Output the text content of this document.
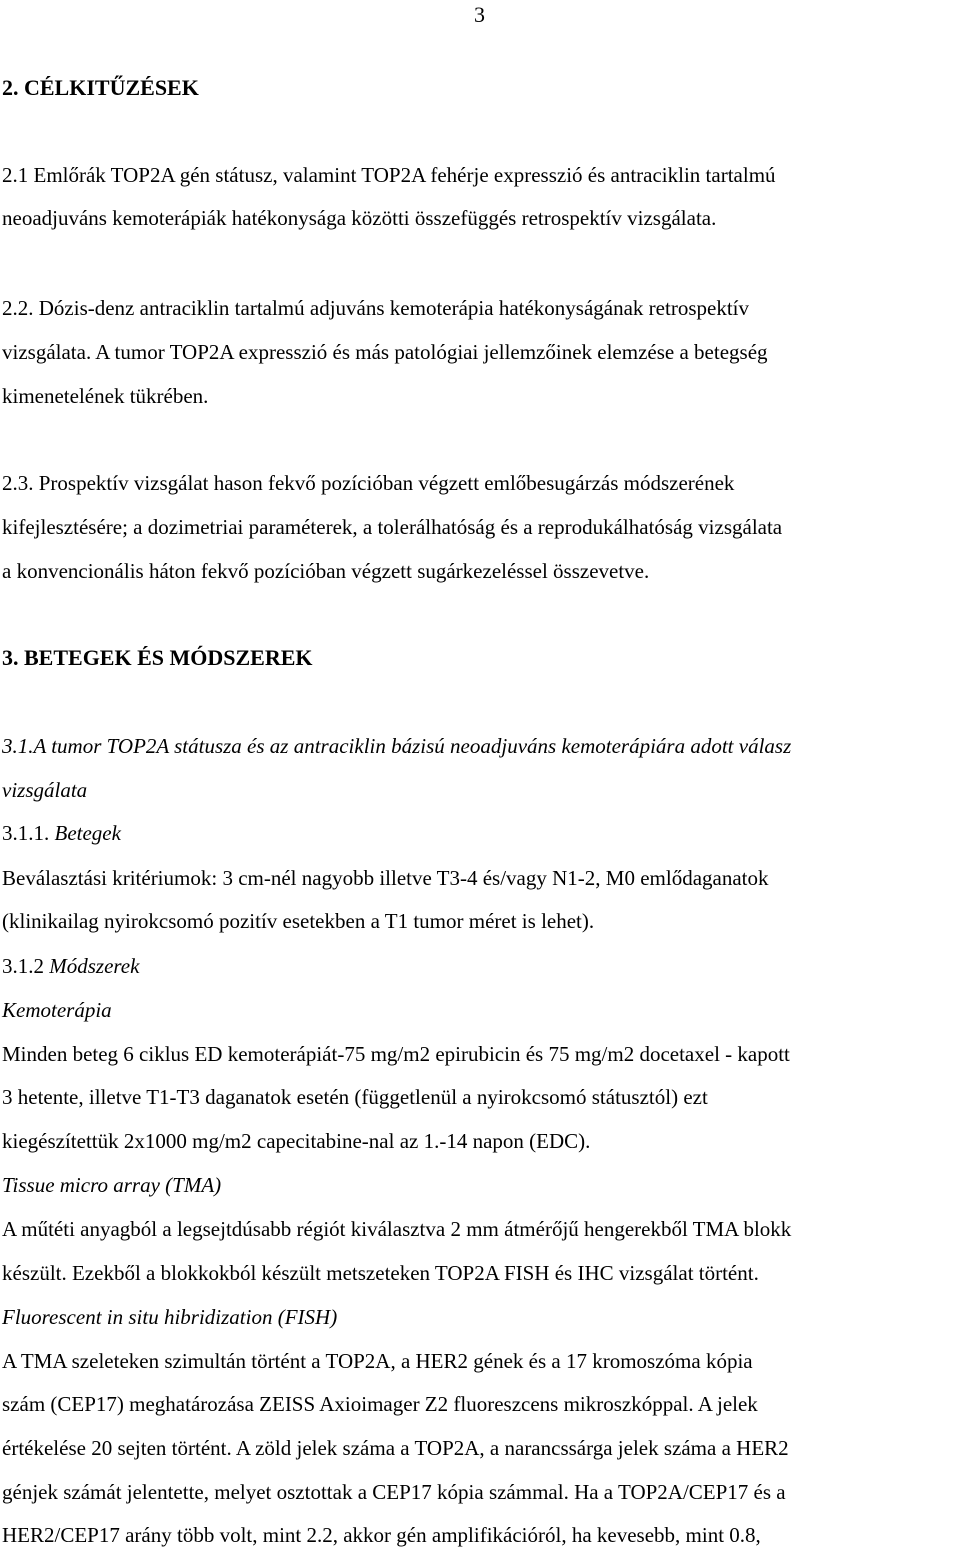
3
2. CÉLKITŰZÉSEK
2.1 Emlőrák TOP2A gén státusz, valamint TOP2A fehérje expresszió és antraciklin tartalmú
neoadjuváns kemoterápiák hatékonysága közötti összefüggés retrospektív vizsgálata.
2.2. Dózis-denz antraciklin tartalmú adjuváns kemoterápia hatékonyságának retrospektív
vizsgálata. A tumor TOP2A expresszió és más patológiai jellemzőinek elemzése a betegség
kimenetelének tükrében.
2.3. Prospektív vizsgálat hason fekvő pozícióban végzett emlőbesugárzás módszerének
kifejlesztésére; a dozimetriai paraméterek, a tolerálhatóság és a reprodukálhatóság vizsgálata
a konvencionális háton fekvő pozícióban végzett sugárkezeléssel összevetve.
3. BETEGEK ÉS MÓDSZEREK
3.1.A tumor TOP2A státusza és az antraciklin bázisú neoadjuváns kemoterápiára adott válasz
vizsgálata
3.1.1. Betegek
Beválasztási kritériumok: 3 cm-nél nagyobb illetve T3-4 és/vagy N1-2, M0 emlődaganatok
(klinikailag nyirokcsomó pozitív esetekben a T1 tumor méret is lehet).
3.1.2 Módszerek
Kemoterápia
Minden beteg 6 ciklus ED kemoterápiát-75 mg/m2 epirubicin és 75 mg/m2 docetaxel - kapott
3 hetente, illetve T1-T3 daganatok esetén (függetlenül a nyirokcsomó státusztól) ezt
kiegészítettük 2x1000 mg/m2 capecitabine-nal az 1.-14 napon (EDC).
Tissue micro array (TMA)
A műtéti anyagból a legsejtdúsabb régiót kiválasztva 2 mm átmérőjű hengerekből TMA blokk
készült. Ezekből a blokkokból készült metszeteken TOP2A FISH és IHC vizsgálat történt.
Fluorescent in situ hibridization (FISH)
A TMA szeleteken szimultán történt a TOP2A, a HER2 gének és a 17 kromoszóma kópia
szám (CEP17) meghatározása ZEISS Axioimager Z2 fluoreszcens mikroszkóppal. A jelek
értékelése 20 sejten történt. A zöld jelek száma a TOP2A, a narancssárga jelek száma a HER2
génjek számát jelentette, melyet osztottak a CEP17 kópia számmal. Ha a TOP2A/CEP17 és a
HER2/CEP17 arány több volt, mint 2.2, akkor gén amplifikációról, ha kevesebb, mint 0.8,
